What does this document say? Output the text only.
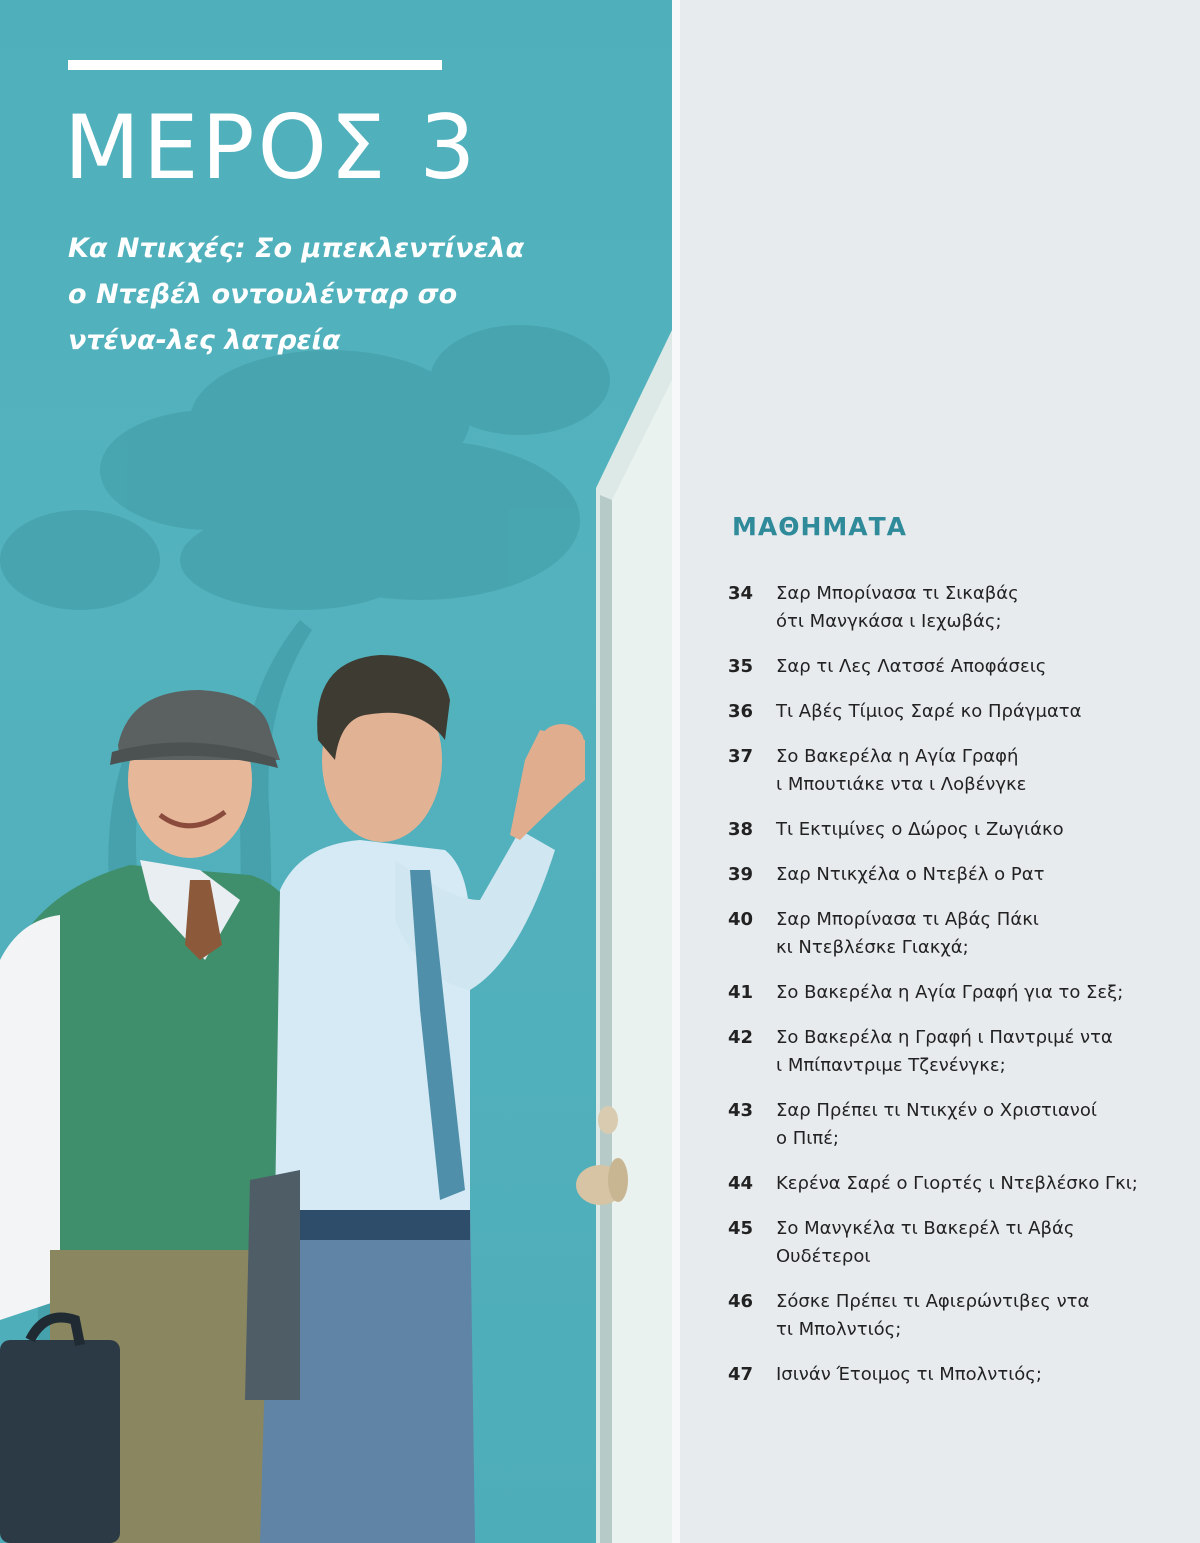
ΜΕΡΟΣ 3

Κα Ντικχές: Σο μπεκλεντίνελα ο Ντεβέλ οντουλένταρ σο ντένα-λες λατρεία

ΜΑΘΗΜΑΤΑ
34	Σαρ Μπορίνασα τι Σικαβάς
ότι Μανγκάσα ι Ιεχωβάς;
35	Σαρ τι Λες Λατσσέ Αποφάσεις
36	Τι Αβές Τίμιος Σαρέ κο Πράγματα
37	Σο Βακερέλα η Αγία Γραφή
ι Μπουτιάκε ντα ι Λοβένγκε
38	Τι Εκτιμίνες ο Δώρος ι Ζωγιάκο
39	Σαρ Ντικχέλα ο Ντεβέλ ο Ρατ
40	Σαρ Μπορίνασα τι Αβάς Πάκι
κι Ντεβλέσκε Γιακχά;
41	Σο Βακερέλα η Αγία Γραφή για το Σεξ;
42	Σο Βακερέλα η Γραφή ι Παντριμέ ντα
ι Μπίπαντριμε Τζενένγκε;
43	Σαρ Πρέπει τι Ντικχέν ο Χριστιανοί
ο Πιπέ;
44	Κερένα Σαρέ ο Γιορτές ι Ντεβλέσκο Γκι;
45	Σο Μανγκέλα τι Βακερέλ τι Αβάς
Ουδέτεροι
46	Σόσκε Πρέπει τι Αφιερώντιβες ντα
τι Μπολντιός;
47	Ισινάν Έτοιμος τι Μπολντιός;
